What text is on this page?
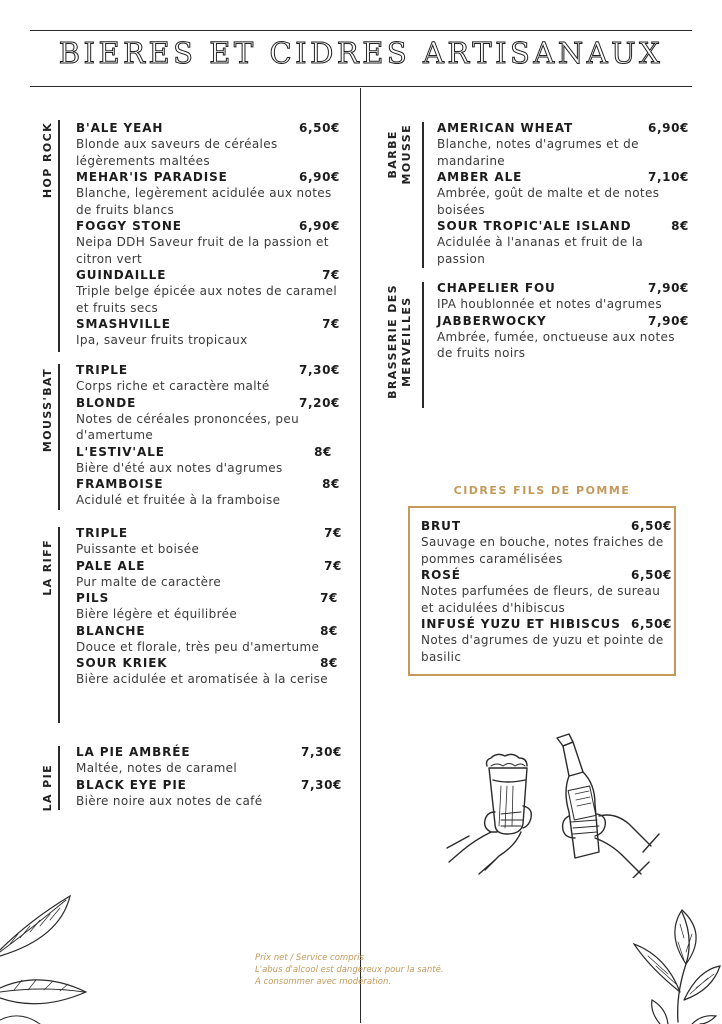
BIERES ET CIDRES ARTISANAUX
HOP ROCK B'ALE YEAH	6,50€
Blonde aux saveurs de céréales légèrements maltées
MEHAR'IS PARADISE	6,90€
Blanche, legèrement acidulée aux notes de fruits blancs
FOGGY STONE	6,90€
Neipa DDH Saveur fruit de la passion et citron vert
GUINDAILLE	7€
Triple belge épicée aux notes de caramel et fruits secs
SMASHVILLE	7€
Ipa, saveur fruits tropicaux
MOUSS'BAT TRIPLE	7,30€
Corps riche et caractère malté
BLONDE	7,20€
Notes de céréales prononcées, peu d'amertume
L'ESTIV'ALE	8€
Bière d'été aux notes d'agrumes
FRAMBOISE	8€
Acidulé et fruitée à la framboise
LA RIFF
TRIPLE	7€
Puissante et boisée
PALE ALE	7€
Pur malte de caractère
PILS	7€
Bière légère et équilibrée
BLANCHE	8€
Douce et florale, très peu d'amertume
SOUR KRIEK	8€
Bière acidulée et aromatisée à la cerise
LA PIE
LA PIE AMBRÉE	7,30€
Maltée, notes de caramel
BLACK EYE PIE	7,30€
Bière noire aux notes de café
BARBE
MOUSSE AMERICAN WHEAT	6,90€
Blanche, notes d'agrumes et de mandarine
AMBER ALE	7,10€
Ambrée, goût de malte et de notes boisées
SOUR TROPIC'ALE ISLAND	8€
Acidulée à l'ananas et fruit de la passion
BRASSERIE DES
MERVEILLES
CHAPELIER FOU	7,90€
IPA houblonnée et notes d'agrumes
JABBERWOCKY	7,90€
Ambrée, fumée, onctueuse aux notes de fruits noirs
CIDRES FILS DE POMME
BRUT	6,50€
Sauvage en bouche, notes fraiches de pommes caramélisées
ROSÉ	6,50€
Notes parfumées de fleurs, de sureau et acidulées d'hibiscus
INFUSÉ YUZU ET HIBISCUS 6,50€
Notes d'agrumes de yuzu et pointe de basilic
Prix net / Service compris
L'abus d'alcool est dangereux pour la santé.
A consommer avec modération.
